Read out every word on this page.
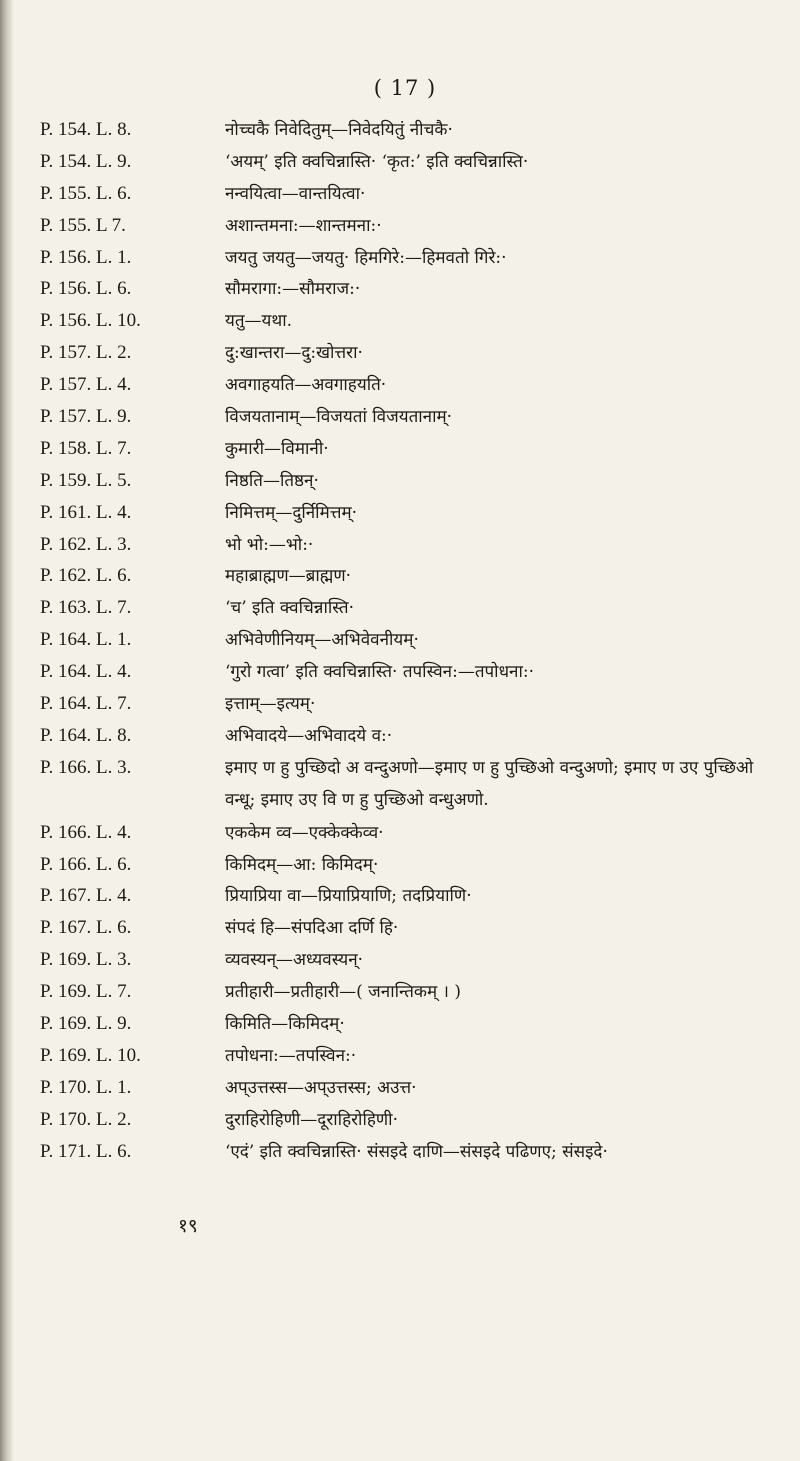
( 17 )
P. 154. L. 8.	नोच्चकै निवेदितुम्—निवेदयितुं नीचकै·
P. 154. L. 9.	‘अयम्’ इति क्वचिन्नास्ति· ‘कृत:’ इति क्वचिन्नास्ति·
P. 155. L. 6.	नन्वयित्वा—वान्तयित्वा·
P. 155. L 7.	अशान्तमना:—शान्तमना:·
P. 156. L. 1.	जयतु जयतु—जयतु· हिमगिरे:—हिमवतो गिरे:·
P. 156. L. 6.	सौमरागा:—सौमराज:·
P. 156. L. 10.	यतु—यथा.
P. 157. L. 2.	दु:खान्तरा—दु:खोत्तरा·
P. 157. L. 4.	अवगाहयति—अवगाहयति·
P. 157. L. 9.	विजयतानाम्—विजयतां विजयतानाम्·
P. 158. L. 7.	कुमारी—विमानी·
P. 159. L. 5.	निष्ठति—तिष्ठन्·
P. 161. L. 4.	निमित्तम्—दुर्निमित्तम्·
P. 162. L. 3.	भो भो:—भो:·
P. 162. L. 6.	महाब्राह्मण—ब्राह्मण·
P. 163. L. 7.	‘च’ इति क्वचिन्नास्ति·
P. 164. L. 1.	अभिवेणीनियम्—अभिवेवनीयम्·
P. 164. L. 4.	‘गुरो गत्वा’ इति क्वचिन्नास्ति· तपस्विन:—तपोधना:·
P. 164. L. 7.	इत्ताम्—इत्यम्·
P. 164. L. 8.	अभिवादये—अभिवादये व:·
P. 166. L. 3.	इमाए ण हु पुच्छिदो अ वन्दुअणो—इमाए ण हु पुच्छिओ वन्दुअणो; इमाए ण उए पुच्छिओ वन्धू; इमाए उए वि ण हु पुच्छिओ वन्धुअणो.
P. 166. L. 4.	एककेम व्व—एक्केक्केव्व·
P. 166. L. 6.	किमिदम्—आ: किमिदम्·
P. 167. L. 4.	प्रियाप्रिया वा—प्रियाप्रियाणि; तदप्रियाणि·
P. 167. L. 6.	संपदं हि—संपदिआ दर्णि हि·
P. 169. L. 3.	व्यवस्यन्—अध्यवस्यन्·
P. 169. L. 7.	प्रतीहारी—प्रतीहारी—( जनान्तिकम् । )
P. 169. L. 9.	किमिति—किमिदम्·
P. 169. L. 10.	तपोधना:—तपस्विन:·
P. 170. L. 1.	अप्उत्तस्स—अप्उत्तस्स; अउत्त·
P. 170. L. 2.	दुराहिरोहिणी—दूराहिरोहिणी·
P. 171. L. 6.	‘एदं’ इति क्वचिन्नास्ति· संसइदे दाणि—संसइदे पढिणए; संसइदे·
१९
